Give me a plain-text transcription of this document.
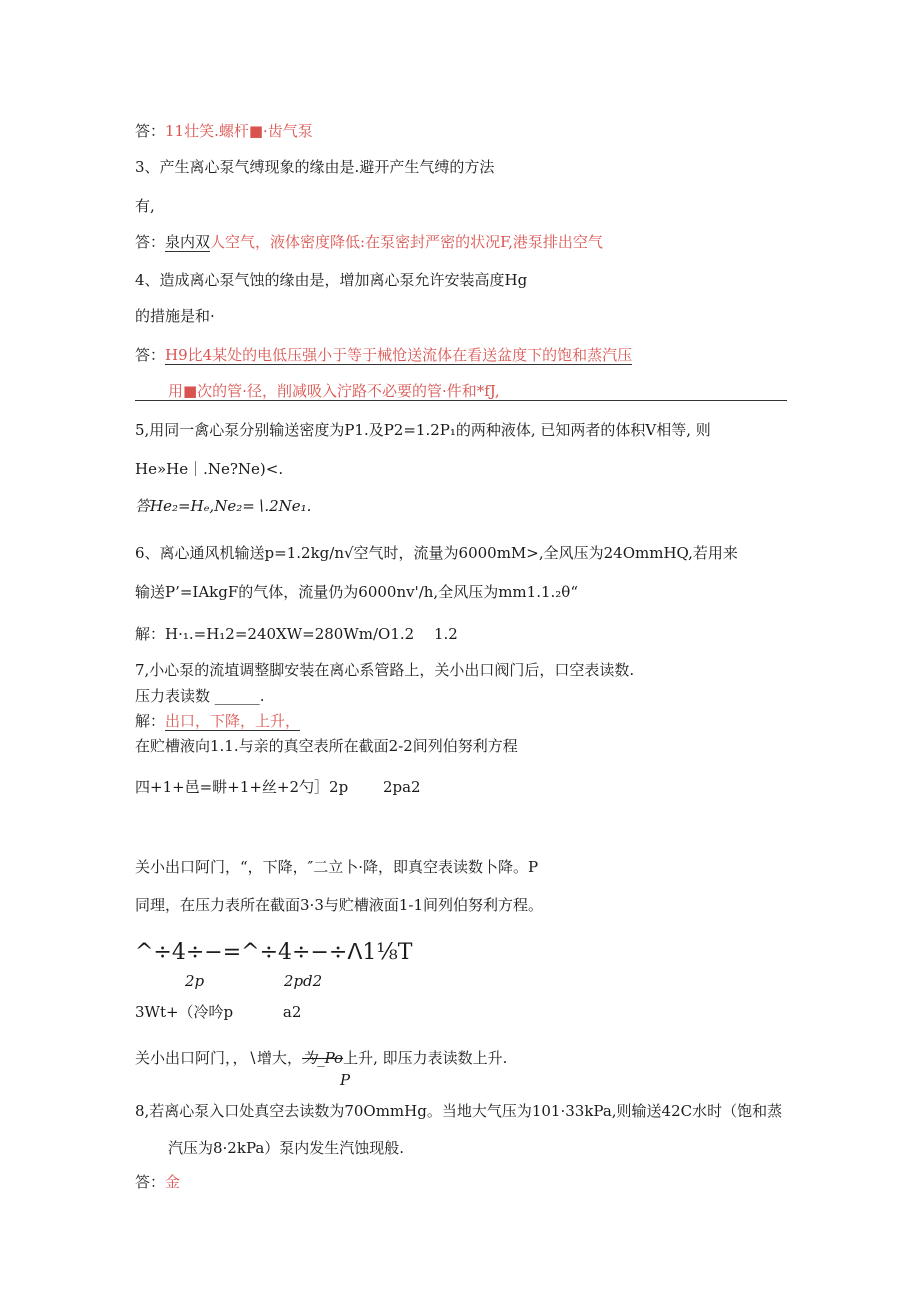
答：11壮笑.螺杆■·齿气泵
3、产生离心泵气缚现象的缘由是.避开产生气缚的方法
有,
答：泉内双人空气，液体密度降低:在泵密封严密的状况F,港泵排出空气
4、造成离心泵气蚀的缘由是，增加离心泵允许安装高度Hg
的措施是和·
答：H9比4某处的电低压强小于等于械怆送流体在看送盆度下的饱和蒸汽压
用■次的管·径，削减吸入泞路不必要的管·件和*fJ,
5,用同一禽心泵分别输送密度为P1.及P2=1.2P₁的两种液体, 已知两者的体积V相等, 则
He»He｜.Ne?Ne)<.
答He₂=Hₑ,Ne₂=∖.2Ne₁.
6、离心通风机输送p=1.2kg∕n√空气时，流量为6000mM>,全风压为24OmmHQ,若用来
输送P’=IAkgF的气体，流量仍为6000nv'∕h,全风压为mm1.1.₂θ“
解：H·₁.=H₁2=240XW=280Wm/O1.2　 1.2
7,小心泵的流埴调整脚安装在离心系管路上，关小出口阀门后，口空表读数.
压力表读数 ______.
解：出口，下降，上升，
在贮槽液向1.1.与亲的真空表所在截面2-2间列伯努利方程
四+1+邑=畊+1+丝+2勺］2p　　 2pa2
关小出口阿门，“，下降，″二立卜·降，即真空表读数卜降。P
同理，在压力表所在截面3·3与贮槽液面1-1间列伯努利方程。
^÷4÷−=^÷4÷−÷ᐱ1⅛T
2p　　　　　 2pd2
3Wt+（冷吟p　　　 a2
关小出口阿门，，∖增大，为_Po上升, 即压力表读数上升.
P
8,若离心泵入口处真空去读数为70OmmHg。当地大气压为101·33kPa,则输送42C水时（饱和蒸
汽压为8·2kPa）泵内发生汽蚀现般.
答：金
